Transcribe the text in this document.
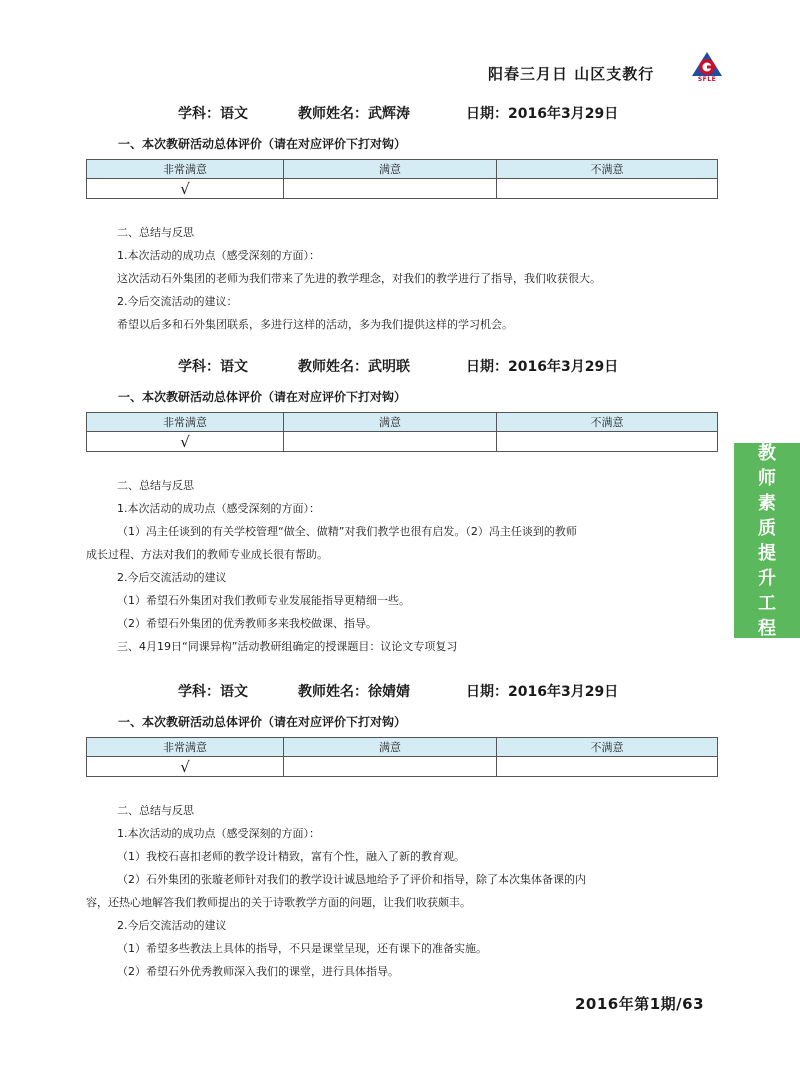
阳春三月日 山区支教行	SFLE
学科：语文	教师姓名：武辉涛	日期：2016年3月29日
一、本次教研活动总体评价（请在对应评价下打对钩）
非常满意	满意	不满意
√		
二、总结与反思
1.本次活动的成功点（感受深刻的方面）：
这次活动石外集团的老师为我们带来了先进的教学理念，对我们的教学进行了指导，我们收获很大。
2.今后交流活动的建议：
希望以后多和石外集团联系，多进行这样的活动，多为我们提供这样的学习机会。
学科：语文	教师姓名：武明联	日期：2016年3月29日
一、本次教研活动总体评价（请在对应评价下打对钩）
非常满意	满意	不满意
√		
二、总结与反思
1.本次活动的成功点（感受深刻的方面）：
（1）冯主任谈到的有关学校管理“做全、做精”对我们教学也很有启发。（2）冯主任谈到的教师
成长过程、方法对我们的教师专业成长很有帮助。
2.今后交流活动的建议
（1）希望石外集团对我们教师专业发展能指导更精细一些。
（2）希望石外集团的优秀教师多来我校做课、指导。
三、4月19日“同课异构”活动教研组确定的授课题目：议论文专项复习
学科：语文	教师姓名：徐婧婧	日期：2016年3月29日
一、本次教研活动总体评价（请在对应评价下打对钩）
非常满意	满意	不满意
√		
二、总结与反思
1.本次活动的成功点（感受深刻的方面）：
（1）我校石喜扣老师的教学设计精致，富有个性，融入了新的教育观。
（2）石外集团的张璇老师针对我们的教学设计诚恳地给予了评价和指导，除了本次集体备课的内
容，还热心地解答我们教师提出的关于诗歌教学方面的问题，让我们收获颇丰。
2.今后交流活动的建议
（1）希望多些教法上具体的指导，不只是课堂呈现，还有课下的准备实施。
（2）希望石外优秀教师深入我们的课堂，进行具体指导。
教
师
素
质
提
升
工
程
2016年第1期/63
